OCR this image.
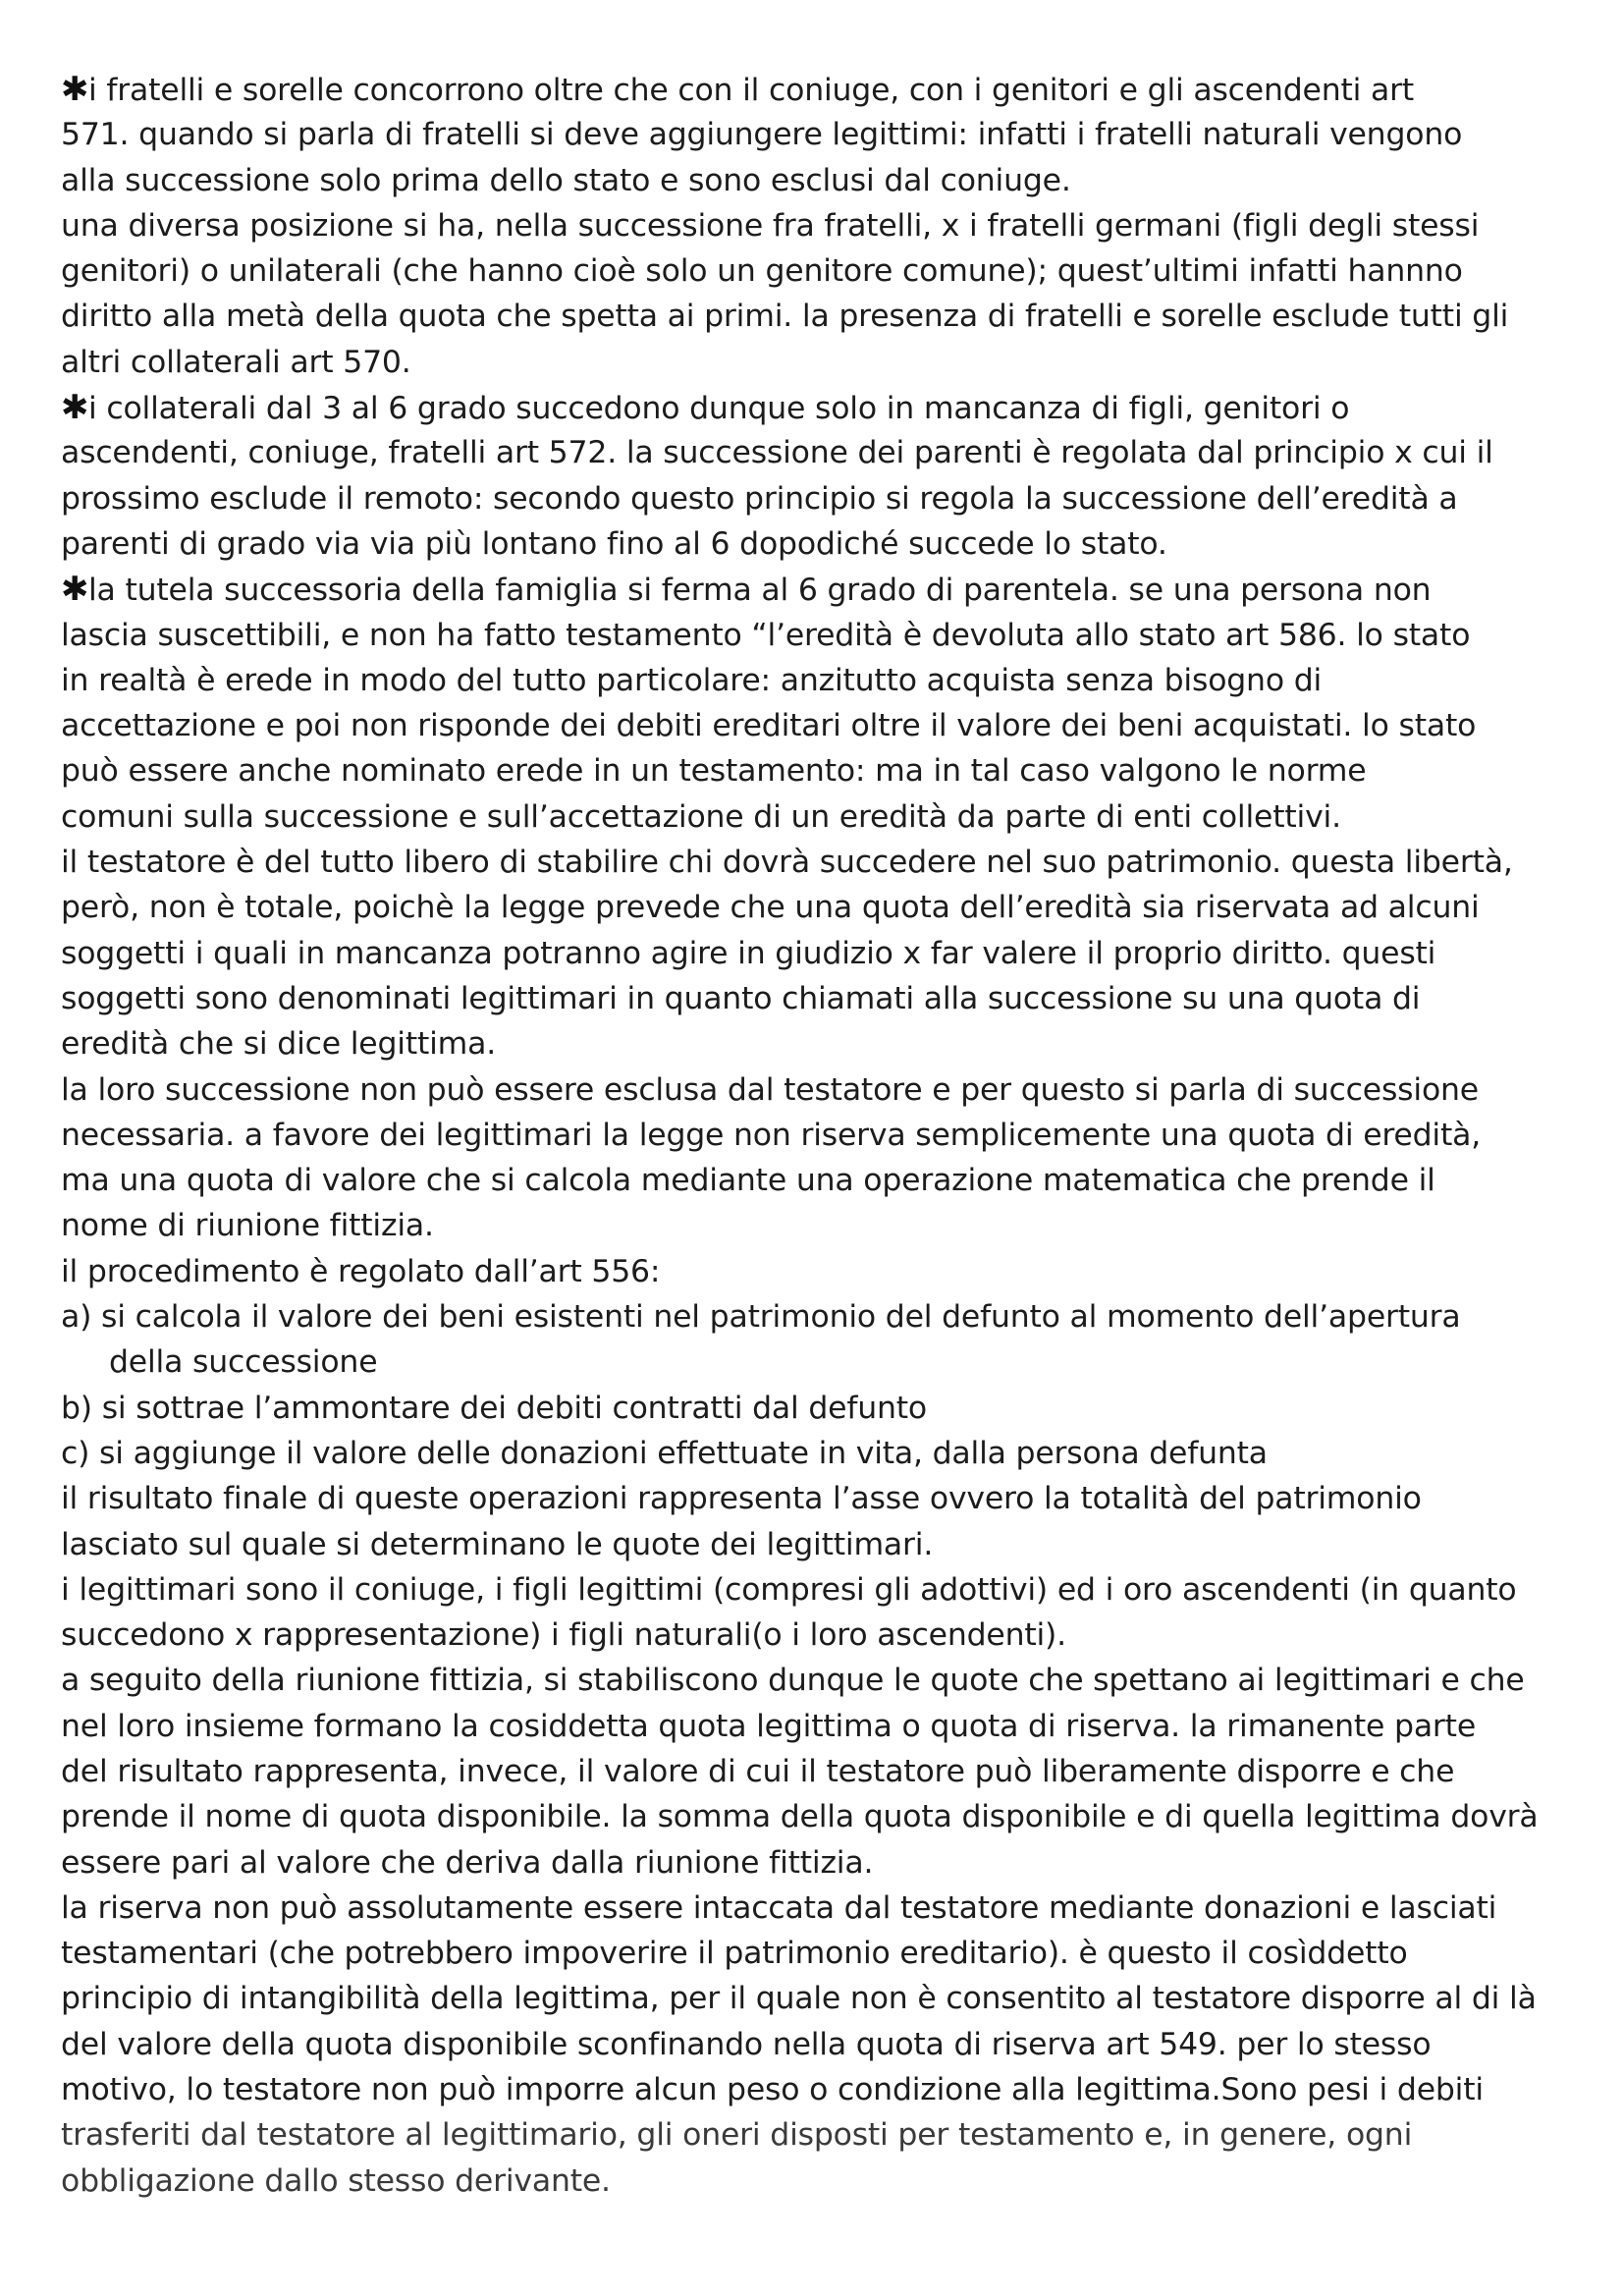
✱i fratelli e sorelle concorrono oltre che con il coniuge, con i genitori e gli ascendenti art
571. quando si parla di fratelli si deve aggiungere legittimi: infatti i fratelli naturali vengono
alla successione solo prima dello stato e sono esclusi dal coniuge.
una diversa posizione si ha, nella successione fra fratelli, x i fratelli germani (figli degli stessi
genitori) o unilaterali (che hanno cioè solo un genitore comune); quest’ultimi infatti hannno
diritto alla metà della quota che spetta ai primi. la presenza di fratelli e sorelle esclude tutti gli
altri collaterali art 570.
✱i collaterali dal 3 al 6 grado succedono dunque solo in mancanza di figli, genitori o
ascendenti, coniuge, fratelli art 572. la successione dei parenti è regolata dal principio x cui il
prossimo esclude il remoto: secondo questo principio si regola la successione dell’eredità a
parenti di grado via via più lontano fino al 6 dopodiché succede lo stato.
✱la tutela successoria della famiglia si ferma al 6 grado di parentela. se una persona non
lascia suscettibili, e non ha fatto testamento “l’eredità è devoluta allo stato art 586. lo stato
in realtà è erede in modo del tutto particolare: anzitutto acquista senza bisogno di
accettazione e poi non risponde dei debiti ereditari oltre il valore dei beni acquistati. lo stato
può essere anche nominato erede in un testamento: ma in tal caso valgono le norme
comuni sulla successione e sull’accettazione di un eredità da parte di enti collettivi.
il testatore è del tutto libero di stabilire chi dovrà succedere nel suo patrimonio. questa libertà,
però, non è totale, poichè la legge prevede che una quota dell’eredità sia riservata ad alcuni
soggetti i quali in mancanza potranno agire in giudizio x far valere il proprio diritto. questi
soggetti sono denominati legittimari in quanto chiamati alla successione su una quota di
eredità che si dice legittima.
la loro successione non può essere esclusa dal testatore e per questo si parla di successione
necessaria. a favore dei legittimari la legge non riserva semplicemente una quota di eredità,
ma una quota di valore che si calcola mediante una operazione matematica che prende il
nome di riunione fittizia.
il procedimento è regolato dall’art 556:
a) si calcola il valore dei beni esistenti nel patrimonio del defunto al momento dell’apertura
della successione
b) si sottrae l’ammontare dei debiti contratti dal defunto
c) si aggiunge il valore delle donazioni effettuate in vita, dalla persona defunta
il risultato finale di queste operazioni rappresenta l’asse ovvero la totalità del patrimonio
lasciato sul quale si determinano le quote dei legittimari.
i legittimari sono il coniuge, i figli legittimi (compresi gli adottivi) ed i oro ascendenti (in quanto
succedono x rappresentazione) i figli naturali(o i loro ascendenti).
a seguito della riunione fittizia, si stabiliscono dunque le quote che spettano ai legittimari e che
nel loro insieme formano la cosiddetta quota legittima o quota di riserva. la rimanente parte
del risultato rappresenta, invece, il valore di cui il testatore può liberamente disporre e che
prende il nome di quota disponibile. la somma della quota disponibile e di quella legittima dovrà
essere pari al valore che deriva dalla riunione fittizia.
la riserva non può assolutamente essere intaccata dal testatore mediante donazioni e lasciati
testamentari (che potrebbero impoverire il patrimonio ereditario). è questo il cosìddetto
principio di intangibilità della legittima, per il quale non è consentito al testatore disporre al di là
del valore della quota disponibile sconfinando nella quota di riserva art 549. per lo stesso
motivo, lo testatore non può imporre alcun peso o condizione alla legittima.Sono pesi i debiti
trasferiti dal testatore al legittimario, gli oneri disposti per testamento e, in genere, ogni
obbligazione dallo stesso derivante.
